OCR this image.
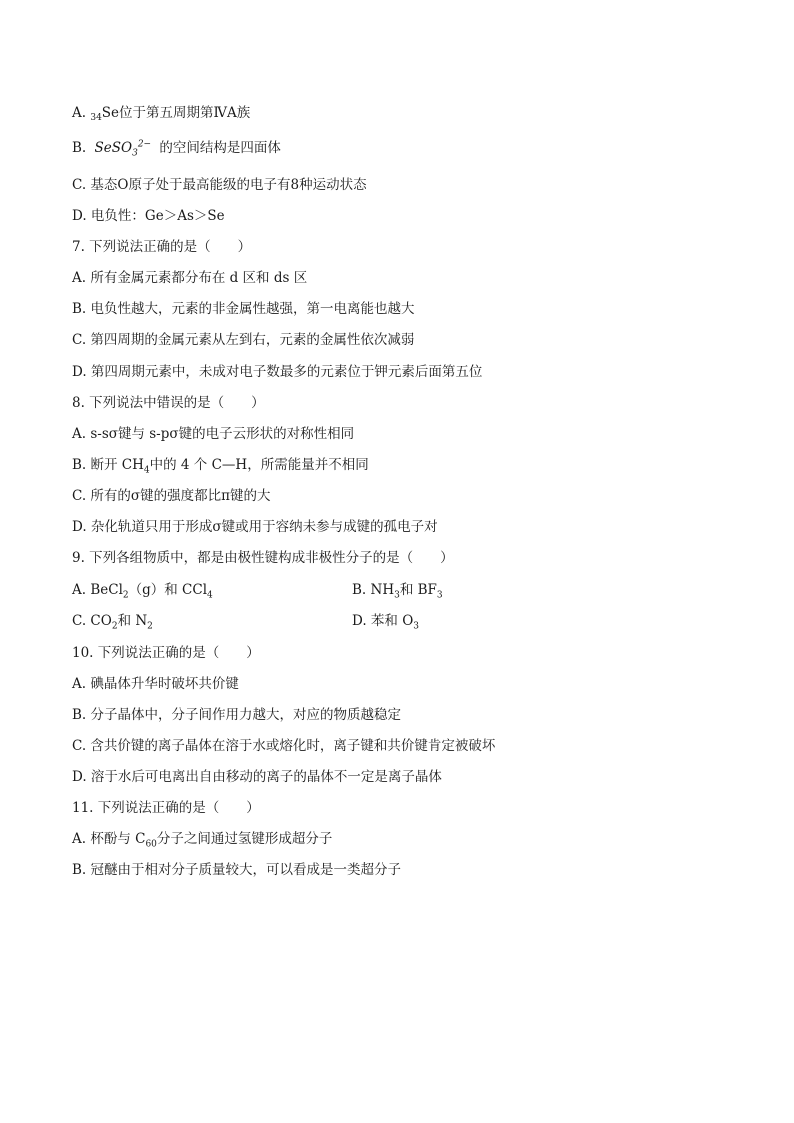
A. $_{34}$Se位于第五周期第ⅣA族
B. SeSO$_3^{2-}$ 的空间结构是四面体
C. 基态O原子处于最高能级的电子有8种运动状态
D. 电负性：Ge＞As＞Se
7. 下列说法正确的是（　　）
A. 所有金属元素都分布在 d 区和 ds 区
B. 电负性越大，元素的非金属性越强，第一电离能也越大
C. 第四周期的金属元素从左到右，元素的金属性依次减弱
D. 第四周期元素中，未成对电子数最多的元素位于钾元素后面第五位
8. 下列说法中错误的是（　　）
A. s-sσ键与 s-pσ键的电子云形状的对称性相同
B. 断开 $CH_4$中的 4 个 C—H，所需能量并不相同
C. 所有的σ键的强度都比π键的大
D. 杂化轨道只用于形成σ键或用于容纳未参与成键的孤电子对
9. 下列各组物质中，都是由极性键构成非极性分子的是（　　）
A. BeCl$_2$（g）和 CCl$_4$	B. $NH_3$和 $BF_3$
C. $CO_2$和 $N_2$	D. 苯和 $O_3$
10. 下列说法正确的是（　　）
A. 碘晶体升华时破坏共价键
B. 分子晶体中，分子间作用力越大，对应的物质越稳定
C. 含共价键的离子晶体在溶于水或熔化时，离子键和共价键肯定被破坏
D. 溶于水后可电离出自由移动的离子的晶体不一定是离子晶体
11. 下列说法正确的是（　　）
A. 杯酚与 $C_{60}$分子之间通过氢键形成超分子
B. 冠醚由于相对分子质量较大，可以看成是一类超分子
